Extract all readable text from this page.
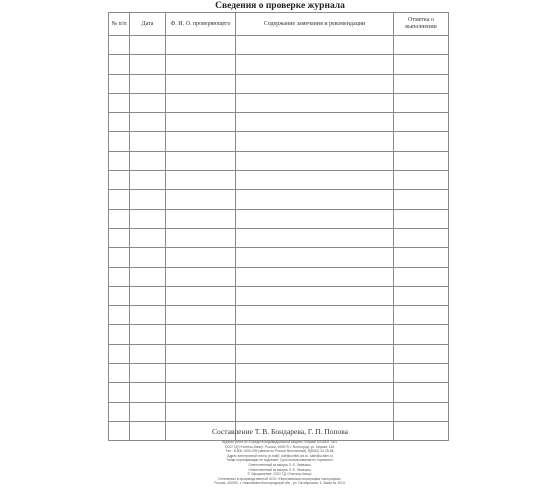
Сведения о проверке журнала
№ п/п	Дата	Ф. И. О. проверяющего	Содержание замечания и рекомендации	Отметка о выполнении

Составление Т. В. Бондарева, Г. П. Попова
Журнал учета их и средств индивидуальной защиты. Формат 60×84/8. 48 с.
ООО ТД «Учитель-Канц». Россия, 400079, г. Волгоград, ул. Кирова, 143.
Тел.: 8-800-1000-299 (звонок по России бесплатный), 8(8442) 42-25-58.
Адрес электронной почты (e-mail): zuif@uchitel-izd.ru, sale@uchitel.ru
Товар сертификации не подлежит. Срок использования не ограничен.
Ответственный за выпуск Л. Е. Лемешко.
Ответственный за выпуск Л. Е. Лемешко.
© Оформление. ООО ТД «Учитель-Канц».
Отпечатано в производственной ООО «Николаевская полиграфия типография».
Россия, 404032, г. Николаевск Волгоградской обл., ул. Октябрьская, 4. Заказ № 1013.
